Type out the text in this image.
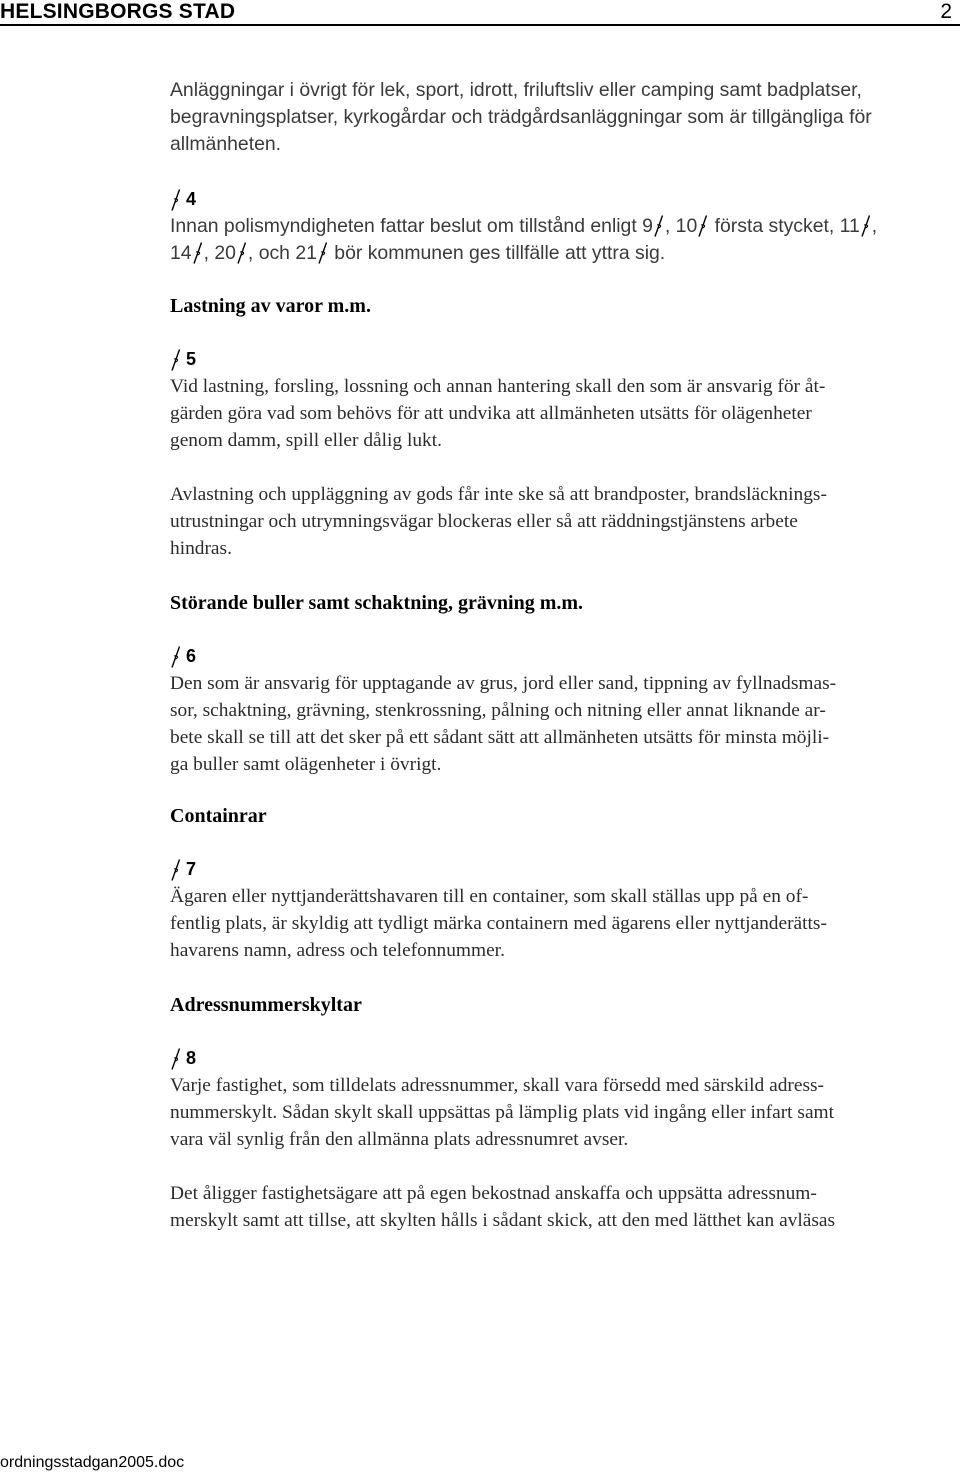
HELSINGBORGS STAD	2

Anläggningar i övrigt för lek, sport, idrott, friluftsliv eller camping samt badplatser,

begravningsplatser, kyrkogårdar och trädgårdsanläggningar som är tillgängliga för

allmänheten.

4

Innan polismyndigheten fattar beslut om tillstånd enligt 9 , 10 första stycket, 11 ,

14 , 20 , och 21 bör kommunen ges tillfälle att yttra sig.

Lastning av varor m.m.

5

Vid lastning, forsling, lossning och annan hantering skall den som är ansvarig för åt-

gärden göra vad som behövs för att undvika att allmänheten utsätts för olägenheter

genom damm, spill eller dålig lukt.

Avlastning och uppläggning av gods får inte ske så att brandposter, brandsläcknings-

utrustningar och utrymningsvägar blockeras eller så att räddningstjänstens arbete

hindras.

Störande buller samt schaktning, grävning m.m.

6

Den som är ansvarig för upptagande av grus, jord eller sand, tippning av fyllnadsmas-

sor, schaktning, grävning, stenkrossning, pålning och nitning eller annat liknande ar-

bete skall se till att det sker på ett sådant sätt att allmänheten utsätts för minsta möjli-

ga buller samt olägenheter i övrigt.

Containrar

7

Ägaren eller nyttjanderättshavaren till en container, som skall ställas upp på en of-

fentlig plats, är skyldig att tydligt märka containern med ägarens eller nyttjanderätts-

havarens namn, adress och telefonnummer.

Adressnummerskyltar

8

Varje fastighet, som tilldelats adressnummer, skall vara försedd med särskild adress-

nummerskylt. Sådan skylt skall uppsättas på lämplig plats vid ingång eller infart samt

vara väl synlig från den allmänna plats adressnumret avser.

Det åligger fastighetsägare att på egen bekostnad anskaffa och uppsätta adressnum-

merskylt samt att tillse, att skylten hålls i sådant skick, att den med lätthet kan avläsas

ordningsstadgan2005.doc
